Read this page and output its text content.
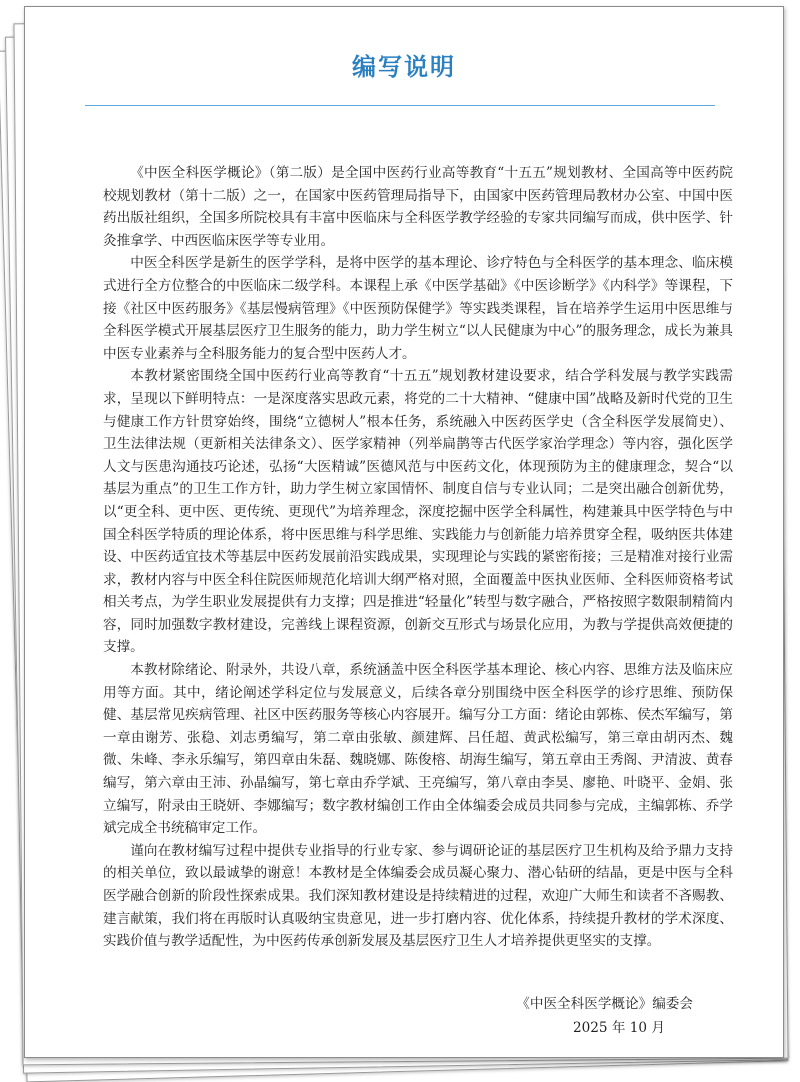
编写说明

《中医全科医学概论》（第二版）是全国中医药行业高等教育“十五五”规划教材、全国高等中医药院校规划教材（第十二版）之一，在国家中医药管理局指导下，由国家中医药管理局教材办公室、中国中医药出版社组织，全国多所院校具有丰富中医临床与全科医学教学经验的专家共同编写而成，供中医学、针灸推拿学、中西医临床医学等专业用。

中医全科医学是新生的医学学科，是将中医学的基本理论、诊疗特色与全科医学的基本理念、临床模式进行全方位整合的中医临床二级学科。本课程上承《中医学基础》《中医诊断学》《内科学》等课程，下接《社区中医药服务》《基层慢病管理》《中医预防保健学》等实践类课程，旨在培养学生运用中医思维与全科医学模式开展基层医疗卫生服务的能力，助力学生树立“以人民健康为中心”的服务理念，成长为兼具中医专业素养与全科服务能力的复合型中医药人才。

本教材紧密围绕全国中医药行业高等教育“十五五”规划教材建设要求，结合学科发展与教学实践需求，呈现以下鲜明特点：一是深度落实思政元素，将党的二十大精神、“健康中国”战略及新时代党的卫生与健康工作方针贯穿始终，围绕“立德树人”根本任务，系统融入中医药医学史（含全科医学发展简史）、卫生法律法规（更新相关法律条文）、医学家精神（列举扁鹊等古代医学家治学理念）等内容，强化医学人文与医患沟通技巧论述，弘扬“大医精诚”医德风范与中医药文化，体现预防为主的健康理念，契合“以基层为重点”的卫生工作方针，助力学生树立家国情怀、制度自信与专业认同；二是突出融合创新优势，以“更全科、更中医、更传统、更现代”为培养理念，深度挖掘中医学全科属性，构建兼具中医学特色与中国全科医学特质的理论体系，将中医思维与科学思维、实践能力与创新能力培养贯穿全程，吸纳医共体建设、中医药适宜技术等基层中医药发展前沿实践成果，实现理论与实践的紧密衔接；三是精准对接行业需求，教材内容与中医全科住院医师规范化培训大纲严格对照，全面覆盖中医执业医师、全科医师资格考试相关考点，为学生职业发展提供有力支撑；四是推进“轻量化”转型与数字融合，严格按照字数限制精简内容，同时加强数字教材建设，完善线上课程资源，创新交互形式与场景化应用，为教与学提供高效便捷的支撑。

本教材除绪论、附录外，共设八章，系统涵盖中医全科医学基本理论、核心内容、思维方法及临床应用等方面。其中，绪论阐述学科定位与发展意义，后续各章分别围绕中医全科医学的诊疗思维、预防保健、基层常见疾病管理、社区中医药服务等核心内容展开。编写分工方面：绪论由郭栋、侯杰军编写，第一章由谢芳、张稳、刘志勇编写，第二章由张敏、颜建辉、吕任超、黄武松编写，第三章由胡丙杰、魏微、朱峰、李永乐编写，第四章由朱磊、魏晓娜、陈俊榕、胡海生编写，第五章由王秀阁、尹清波、黄春编写，第六章由王沛、孙晶编写，第七章由乔学斌、王亮编写，第八章由李昊、廖艳、叶晓平、金娟、张立编写，附录由王晓妍、李娜编写；数字教材编创工作由全体编委会成员共同参与完成，主编郭栋、乔学斌完成全书统稿审定工作。

谨向在教材编写过程中提供专业指导的行业专家、参与调研论证的基层医疗卫生机构及给予鼎力支持的相关单位，致以最诚挚的谢意！本教材是全体编委会成员凝心聚力、潜心钻研的结晶，更是中医与全科医学融合创新的阶段性探索成果。我们深知教材建设是持续精进的过程，欢迎广大师生和读者不吝赐教、建言献策，我们将在再版时认真吸纳宝贵意见，进一步打磨内容、优化体系，持续提升教材的学术深度、实践价值与教学适配性，为中医药传承创新发展及基层医疗卫生人才培养提供更坚实的支撑。

《中医全科医学概论》编委会
2025 年 10 月
